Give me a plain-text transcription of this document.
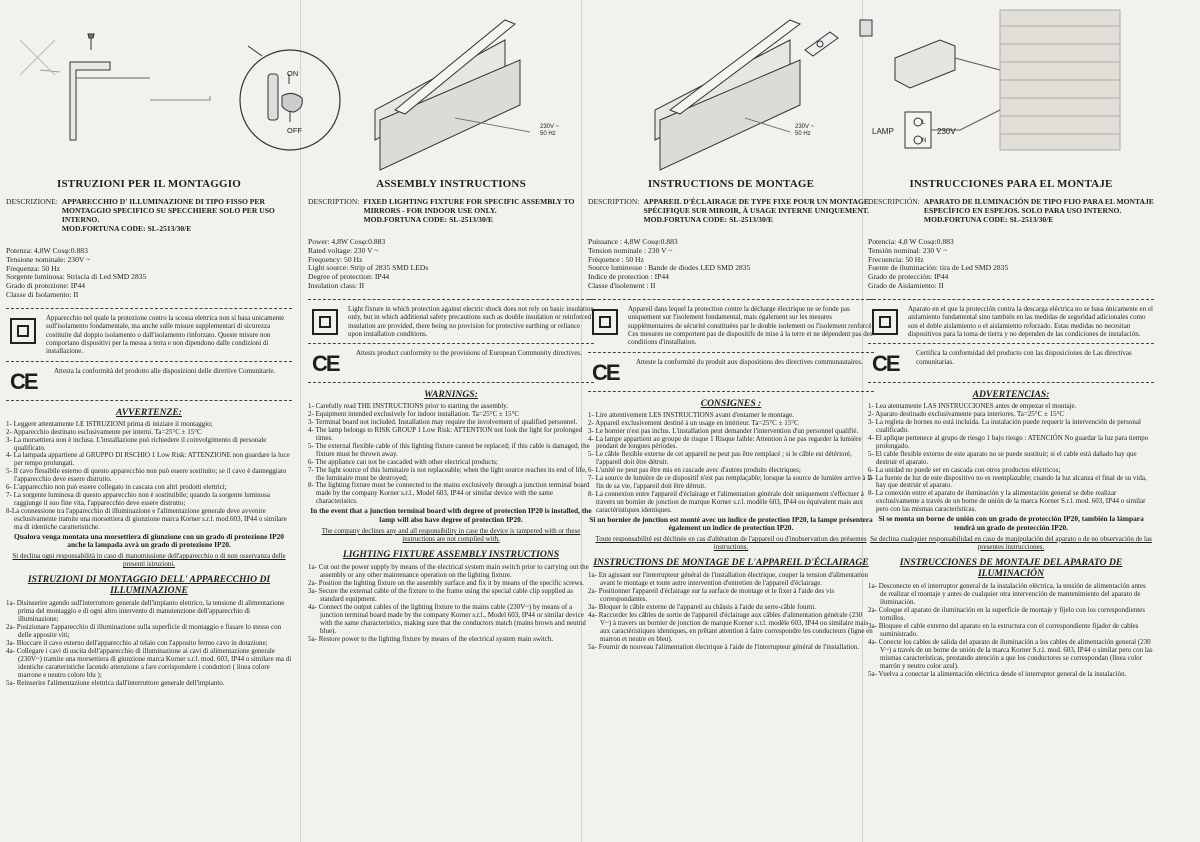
ON
OFF	230V ~ 50 Hz
230V ~ 50 Hz	LAMP	230V
L
N
ISTRUZIONI PER IL MONTAGGIO
DESCRIZIONE: APPARECCHIO D' ILLUMINAZIONE DI TIPO FISSO PER MONTAGGIO SPECIFICO SU SPECCHIERE SOLO PER USO INTERNO.
MOD.FORTUNA CODE: SL-2513/30/E
Potenza: 4,8W Cosφ:0.883
Tensione nominale: 230V ~
Frequenza: 50 Hz
Sorgente luminosa: Striscia di Led SMD 2835
Grado di protezione: IP44
Classe di Isolamento: II
Apparecchio nel quale la protezione contro la scossa elettrica non si basa unicamente sull'isolamento fondamentale, ma anche sulle misure supplementari di sicurezza costituite dal doppio isolamento o dall'isolamento rinforzato. Queste misure non comportano dispositivi per la messa a terra e non dipendono dalle condizioni di installazione.
CE	Attesta la conformità del prodotto alle disposizioni delle direttive Comunitarie.
AVVERTENZE:
1- Leggere attentamente LE ISTRUZIONI prima di iniziare il montaggio;
2- Apparecchio destinato esclusivamente per interni. Ta=25°C ± 15°C
3- La morsettiera non è inclusa. L'installazione può richiedere il coinvolgimento di personale qualificato.
4- La lampada appartiene al GRUPPO DI RSCHIO 1 Low Risk: ATTENZIONE non guardare la luce per tempo prolungati.
5- Il cavo flessibile esterno di questo apparecchio non può essere sostituito; se il cavo è danneggiato l'apparecchio deve essere distrutto.
6- L'apparecchio non può essere collegato in cascata con altri prodotti elettrici;
7- La sorgente luminosa di questo apparecchio non è sostituibile; quando la sorgente luminosa raggiunge il suo fine vita, l'apparecchio deve essere distrutto;
8-La connessione tra l'apparecchio di illuminazione e l'alimentazione generale deve avvenire esclusivamente tramite una morsettiera di giunzione marca Korner s.r.l. mod.603, IP44 o similare ma di identiche caratteristiche.
Qualora venga montata una morsettiera di giunzione con un grado di protezione IP20 anche la lampada avrà un grado di protezione IP20.
Si declina ogni responsabilità in caso di manomissione dell'apparecchio o di non osservanza delle presenti istruzioni.
ISTRUZIONI DI MONTAGGIO DELL' APPARECCHIO DI ILLUMINAZIONE
1a- Disinserire agendo sull'interruttore generale dell'impianto elettrico, la tensione di alimentazione prima del montaggio e di ogni altro intervento di manutenzione dell'apparecchio di illuminazione;
2a- Posizionare l'apparecchio di illuminazione sulla superficie di montaggio e fissare lo stesso con delle apposite viti;
3a- Bloccare il cavo esterno dell'apparecchio al telaio con l'apposito fermo cavo in dotazione;
4a- Collegare i cavi di uscita dell'apparecchio di illuminazione ai cavi di alimentazione generale (230V~) tramite una morsettiera di giunzione marca Korner s.r.l. mod. 603, IP44 o similare ma di identiche caratteristiche facendo attenzione a fare corrispondere i conduttori ( linea colore marrone e neutro colore blu );
5a- Reinserire l'alimentazione elettrica dall'interruttore generale dell'impianto.
ASSEMBLY INSTRUCTIONS
DESCRIPTION: FIXED LIGHTING FIXTURE FOR SPECIFIC ASSEMBLY TO MIRRORS - FOR INDOOR USE ONLY.
MOD.FORTUNA CODE: SL-2513/30/E
Power: 4,8W Cosφ:0.883
Rated voltage: 230 V ~
Frequency: 50 Hz
Light source: Strip of 2835 SMD LEDs
Degree of protection: IP44
Insulation class: II
Light fixture in which protection against electric shock does not rely on basic insulation only, but in which additional safety precautions such as double insulation or reinforced insulation are provided, there being no provision for protective earthing or reliance upon installation conditions.
CE	Attests product conformity to the provisions of European Community directives.
WARNINGS:
1- Carefully read THE INSTRUCTIONS prior to starting the assembly.
2- Equipment intended exclusively for indoor installation. Ta=25°C ± 15°C
3- Terminal board not included. Installation may require the involvement of qualified personnel.
4- The lamp belongs to RISK GROUP 1 Low Risk: ATTENTION not look the light for prolonged times.
5- The external flexible cable of this lighting fixture cannot be replaced; if this cable is damaged, the fixture must be thrown away.
6- The appliance can not be cascaded with other electrical products;
7- The light source of this luminaire is not replaceable; when the light source reaches its end of life, the luminaire must be destroyed;
8- The lighting fixture must be connected to the mains exclusively through a junction terminal board made by the company Korner s.r.l., Model 603, IP44 or similar device with the same characteristics.
In the event that a junction terminal board with degree of protection IP20 is installed, the lamp will also have degree of protection IP20.
The company declines any and all responsibility in case the device is tampered with or these instructions are not complied with.
LIGHTING FIXTURE ASSEMBLY INSTRUCTIONS
1a- Cut out the power supply by means of the electrical system main switch prior to carrying out the assembly or any other maintenance operation on the lighting fixture.
2a- Position the lighting fixture on the assembly surface and fix it by means of the specific screws.
3a- Secure the external cable of the fixture to the frame using the special cable clip supplied as standard equipment.
4a- Connect the output cables of the lighting fixture to the mains cable (230V~) by means of a junction terminal board made by the company Korner s.r.l., Model 603, IP44 or similar device with the same characteristics, making sure that the conductors match (mains brown and neutral blue).
5a- Restore power to the lighting fixture by means of the electrical system main switch.
INSTRUCTIONS DE MONTAGE
DESCRIPTION: APPAREIL D'ÉCLAIRAGE DE TYPE FIXE POUR UN MONTAGE SPÉCIFIQUE SUR MIROIR, À USAGE INTERNE UNIQUEMENT.
MOD.FORTUNA CODE: SL-2513/30/E
Puissance : 4,8W Cosφ:0.883
Tension nominale : 230 V ~
Fréquence : 50 Hz
Source lumineuse : Bande de diodes LED SMD 2835
Indice de protection : IP44
Classe d'isolement : II
Appareil dans lequel la protection contre la décharge électrique ne se fonde pas uniquement sur l'isolement fondamental, mais également sur les mesures supplémentaires de sécurité constituées par le double isolement ou l'isolement renforcé. Ces mesures ne comportent pas de dispositifs de mise à la terre et ne dépendent pas des conditions d'installation.
CE	Atteste la conformité du produit aux dispositions des directives communautaires.
CONSIGNES :
1- Lire attentivement LES INSTRUCTIONS avant d'entamer le montage.
2- Appareil exclusivement destiné à un usage en intérieur. Ta=25°C ± 15°C
3- Le bornier n'est pas inclus. L'installation peut demander l'intervention d'un personnel qualifié.
4- La lampe appartient au groupe de risque 1 Risque faible: Attention à ne pas regarder la lumière pendant de longues périodes.
5- Le câble flexible externe de cet appareil ne peut pas être remplacé ; si le câble est détérioré, l'appareil doit être détruit.
6- L'unité ne peut pas être mis en cascade avec d'autres produits électriques;
7- La source de lumière de ce dispositif n'est pas remplaçable; lorsque la source de lumière arrive à la fin de sa vie, l'appareil doit être détruit.
8- La connexion entre l'appareil d'éclairage et l'alimentation générale doit uniquement s'effectuer à travers un bornier de jonction de marque Korner s.r.l. modèle 603, IP44 ou équivalent mais aux caractéristiques identiques.
Si un bornier de jonction est monté avec un indice de protection IP20, la lampe présentera également un indice de protection IP20.
Toute responsabilité est déclinée en cas d'altération de l'appareil ou d'inobservation des présentes instructions.
INSTRUCTIONS DE MONTAGE DE L'APPAREIL D'ÉCLAIRAGE
1a- En agissant sur l'interrupteur général de l'installation électrique, couper la tension d'alimentation avant le montage et toute autre intervention d'entretien de l'appareil d'éclairage.
2a- Positionner l'appareil d'éclairage sur la surface de montage et le fixer à l'aide des vis correspondantes.
3a- Bloquer le câble externe de l'appareil au châssis à l'aide du serre-câble fourni.
4a- Raccorder les câbles de sortie de l'appareil d'éclairage aux câbles d'alimentation générale (230 V~) à travers un bornier de jonction de marque Korner s.r.l. modèle 603, IP44 ou similaire mais aux caractéristiques identiques, en prêtant attention à faire correspondre les conducteurs (ligne en marron et neutre en bleu).
5a- Fournir de nouveau l'alimentation électrique à l'aide de l'interrupteur général de l'installation.
INSTRUCCIONES PARA EL MONTAJE
DESCRIPCIÓN: APARATO DE ILUMINACIÓN DE TIPO FIJO PARA EL MONTAJE ESPECÍFICO EN ESPEJOS. SOLO PARA USO INTERNO.
MOD.FORTUNA CODE: SL-2513/30/E
Potencia: 4,8 W Cosφ:0.883
Tensión nominal: 230 V ~
Frecuencia: 50 Hz
Fuente de iluminación: tira de Led SMD 2835
Grado de protección: IP44
Grado de Aislamiento: II
Aparato en el que la protección contra la descarga eléctrica no se basa únicamente en el aislamiento fundamental sino también en las medidas de seguridad adicionales como son el doble aislamiento o el aislamiento reforzado. Estas medidas no necesitan dispositivos para la toma de tierra y no dependen de las condiciones de instalación.
CE	Certifica la conformidad del producto con las disposiciones de Las directivas comunitarias.
ADVERTENCIAS:
1- Lea atentamente LAS INSTRUCCIONES antes de empezar el montaje.
2- Aparato destinado exclusivamente para interiores. Ta=25°C ± 15°C
3- La regleta de bornes no está incluida. La instalación puede requerir la intervención de personal cualificado.
4- El aplique pertenece al grupo de riesgo 1 bajo riesgo : ATENCIÓN No guardar la luz para tiempo prolongado.
5- El cable flexible externo de este aparato no se puede sustituir; si el cable está dañado hay que destruir el aparato.
6- La unidad no puede ser en cascada con otros productos eléctricos;
7- La fuente de luz de este dispositivo no es reemplazable; cuando la luz alcanza el final de su vida, hay que destruir el aparato.
8- La conexión entre el aparato de iluminación y la alimentación general se debe realizar exclusivamente a través de un borne de unión de la marca Korner S.r.l. mod. 603, IP44 o similar pero con las mismas características.
Si se monta un borne de unión con un grado de protección IP20, también la lámpara tendrá un grado de protección IP20.
Se declina cualquier responsabilidad en caso de manipulación del aparato o de no observación de las presentes instrucciones.
INSTRUCCIONES DE MONTAJE DEL APARATO DE ILUMINACIÓN
1a- Desconecte en el interruptor general de la instalación eléctrica, la tensión de alimentación antes de realizar el montaje y antes de cualquier otra intervención de mantenimiento del aparato de iluminación.
2a- Coloque el aparato de iluminación en la superficie de montaje y fíjelo con los correspondientes tornillos.
3a- Bloquee el cable externo del aparato en la estructura con el correspondiente fijador de cables suministrado.
4a- Conecte los cables de salida del aparato de iluminación a los cables de alimentación general (230 V~) a través de un borne de unión de la marca Korner S.r.l. mod. 603, IP44 o similar pero con las mismas características, prestando atención a que los conductores se correspondan (línea color marrón y neutro color azul).
5a- Vuelva a conectar la alimentación eléctrica desde el interruptor general de la instalación.
